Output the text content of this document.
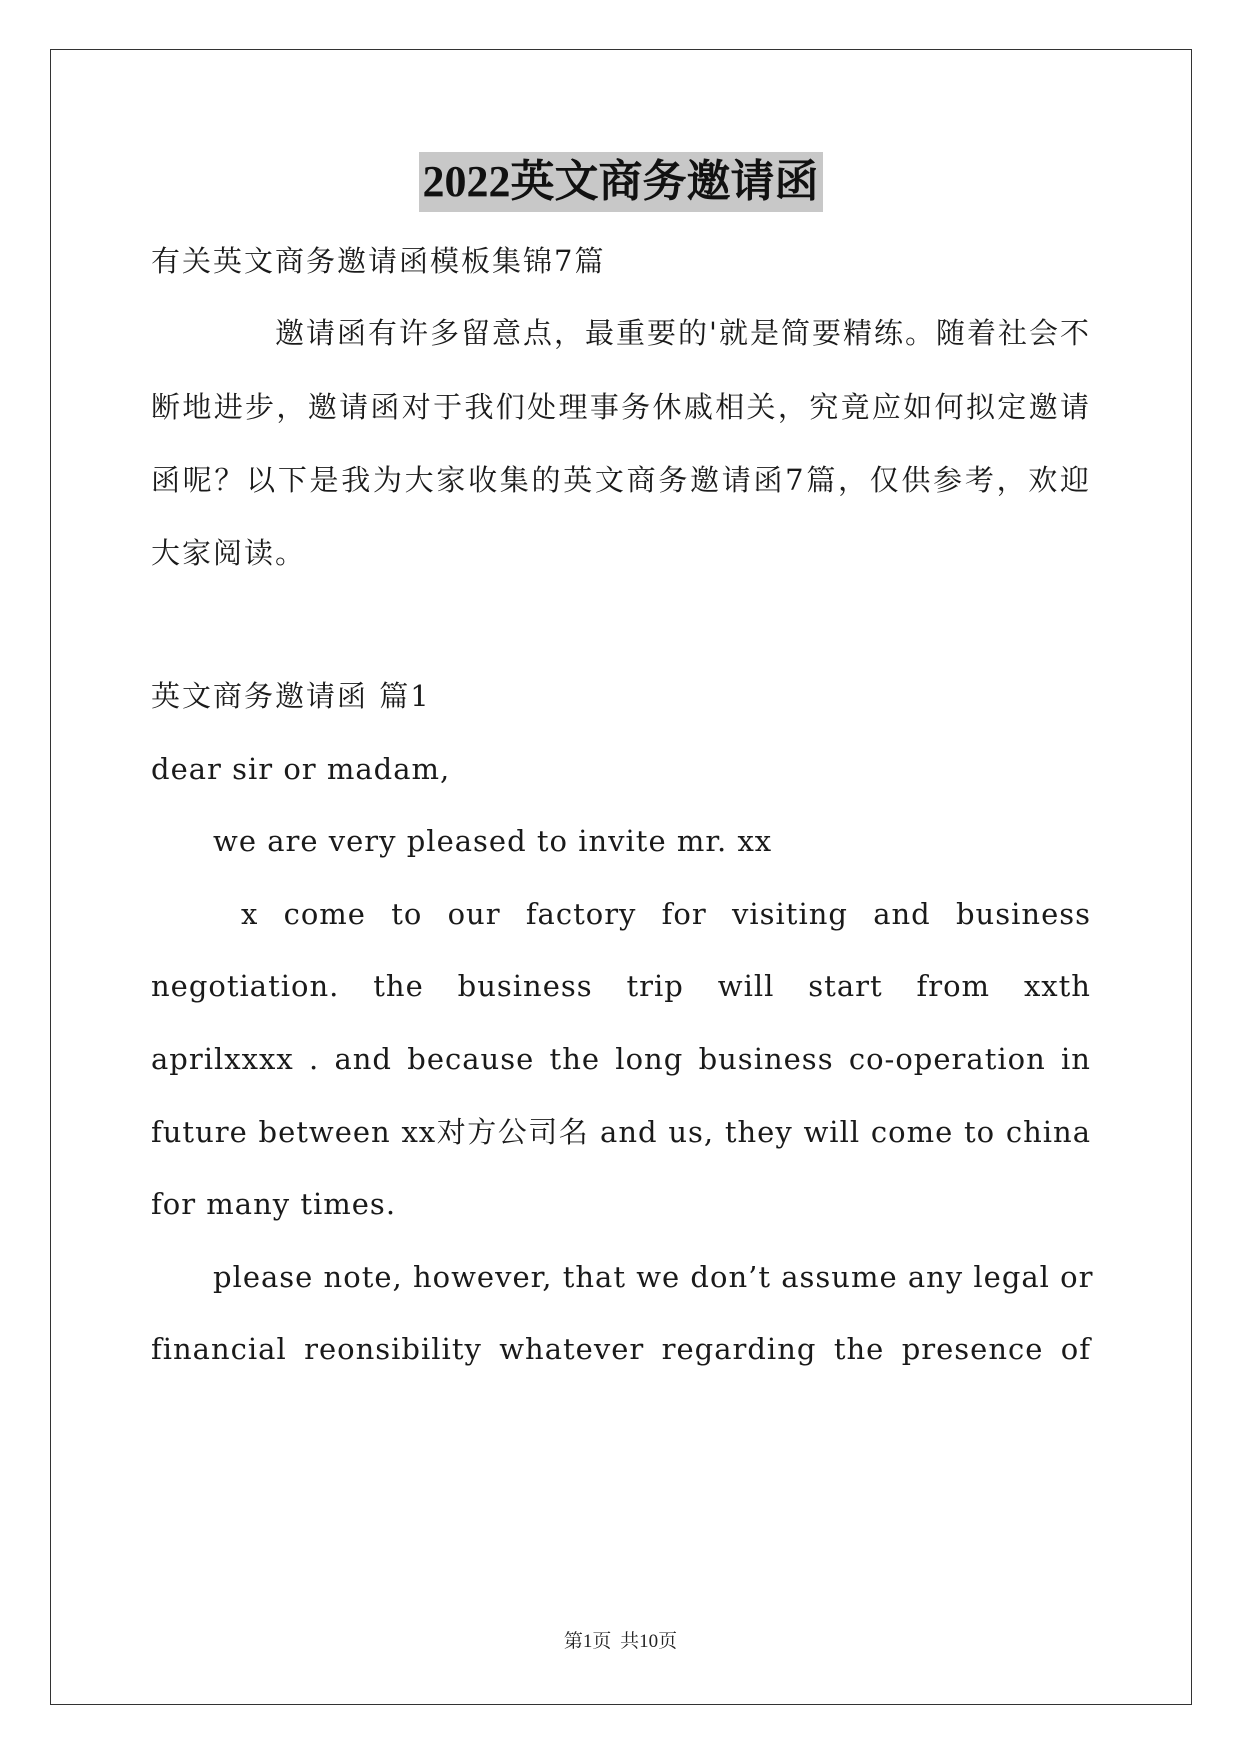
2022英文商务邀请函
有关英文商务邀请函模板集锦7篇
邀请函有许多留意点，最重要的'就是简要精练。随着社会不
断地进步，邀请函对于我们处理事务休戚相关，究竟应如何拟定邀请
函呢？以下是我为大家收集的英文商务邀请函7篇，仅供参考，欢迎
大家阅读。
英文商务邀请函 篇1
dear sir or madam,
we are very pleased to invite mr. xx
x come to our factory for visiting and business
negotiation. the business trip will start from xxth
aprilxxxx . and because the long business co-operation in
future between xx对方公司名 and us, they will come to china
for many times.
please note, however, that we don’t assume any legal or
financial reonsibility whatever regarding the presence of
第1页 共10页
